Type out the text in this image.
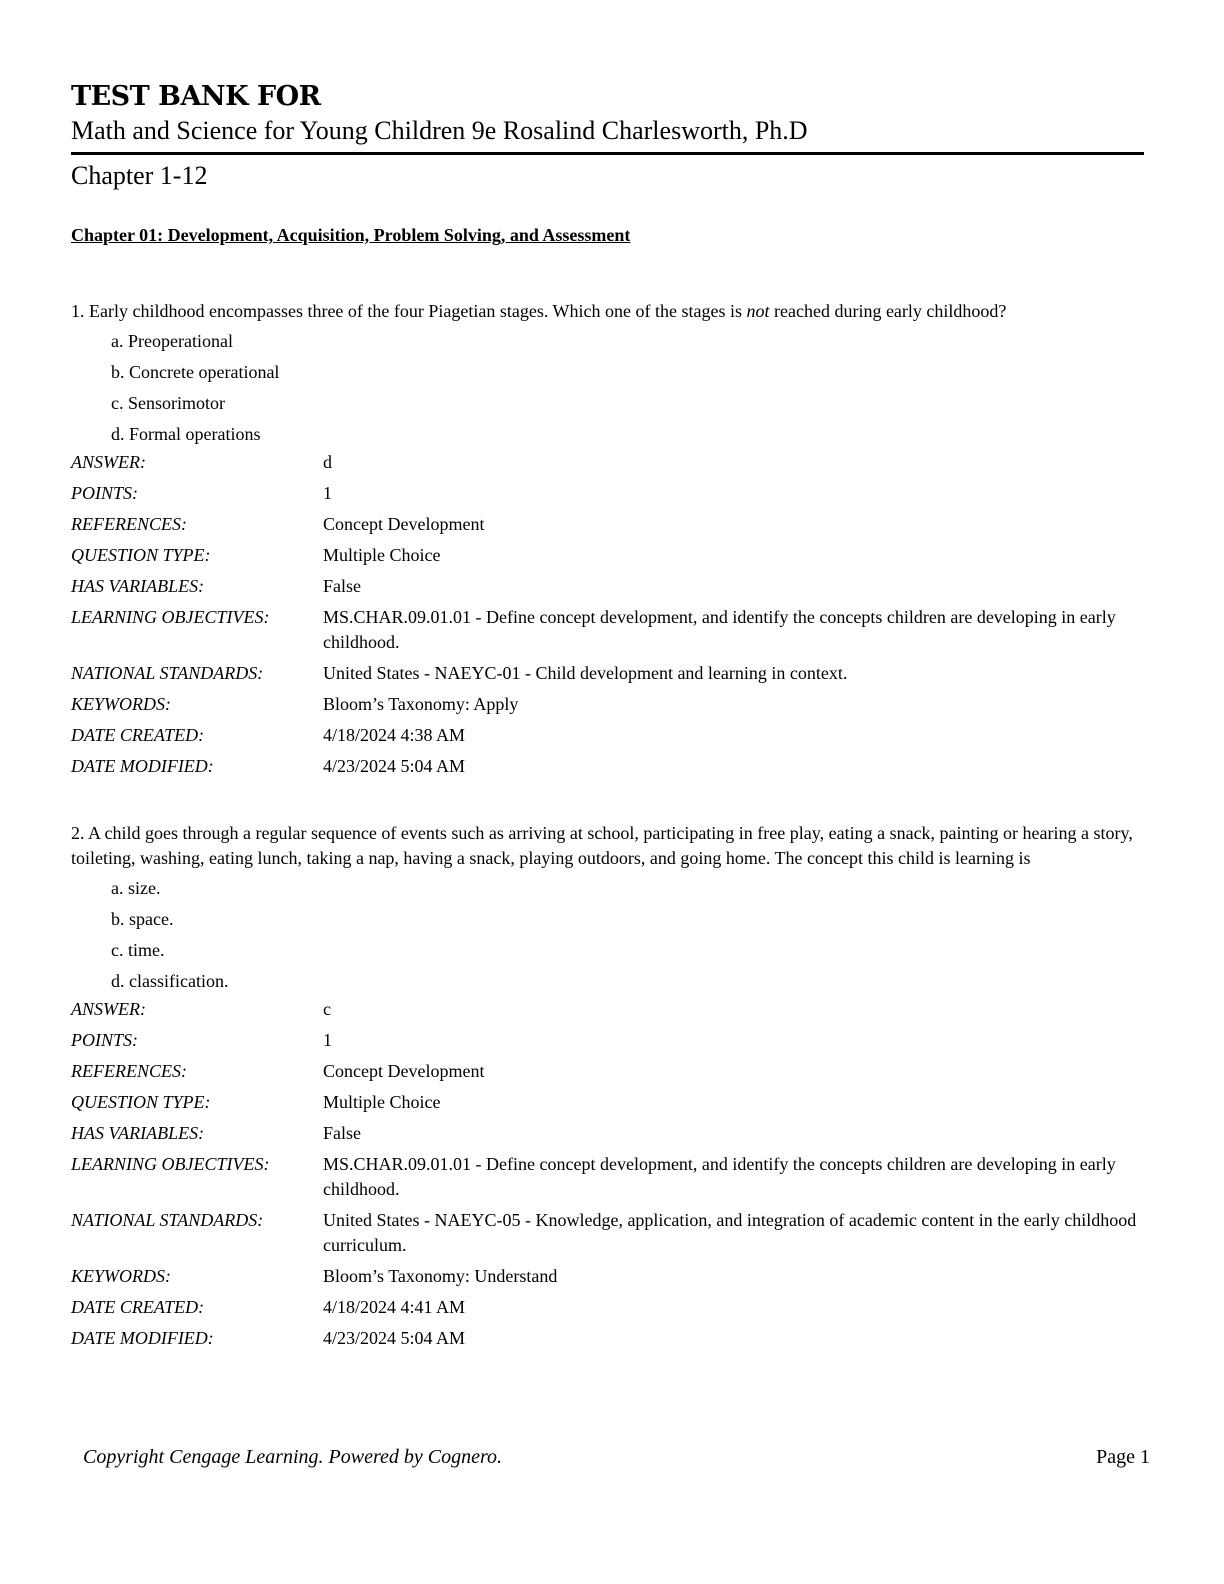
TEST BANK FOR
Math and Science for Young Children 9e Rosalind Charlesworth, Ph.D
Chapter 1-12
Chapter 01: Development, Acquisition, Problem Solving, and Assessment

1. Early childhood encompasses three of the four Piagetian stages. Which one of the stages is not reached during early childhood?

a. Preoperational
b. Concrete operational
c. Sensorimotor
d. Formal operations
ANSWER:	d
POINTS:	1
REFERENCES:	Concept Development
QUESTION TYPE:	Multiple Choice
HAS VARIABLES:	False
LEARNING OBJECTIVES:	MS.CHAR.09.01.01 - Define concept development, and identify the concepts children are developing in early childhood.
NATIONAL STANDARDS:	United States - NAEYC-01 - Child development and learning in context.
KEYWORDS:	Bloom’s Taxonomy: Apply
DATE CREATED:	4/18/2024 4:38 AM
DATE MODIFIED:	4/23/2024 5:04 AM

2. A child goes through a regular sequence of events such as arriving at school, participating in free play, eating a snack, painting or hearing a story, toileting, washing, eating lunch, taking a nap, having a snack, playing outdoors, and going home. The concept this child is learning is

a. size.
b. space.
c. time.
d. classification.
ANSWER:	c
POINTS:	1
REFERENCES:	Concept Development
QUESTION TYPE:	Multiple Choice
HAS VARIABLES:	False
LEARNING OBJECTIVES:	MS.CHAR.09.01.01 - Define concept development, and identify the concepts children are developing in early childhood.
NATIONAL STANDARDS:	United States - NAEYC-05 - Knowledge, application, and integration of academic content in the early childhood curriculum.
KEYWORDS:	Bloom’s Taxonomy: Understand
DATE CREATED:	4/18/2024 4:41 AM
DATE MODIFIED:	4/23/2024 5:04 AM
Copyright Cengage Learning. Powered by Cognero.	Page 1
